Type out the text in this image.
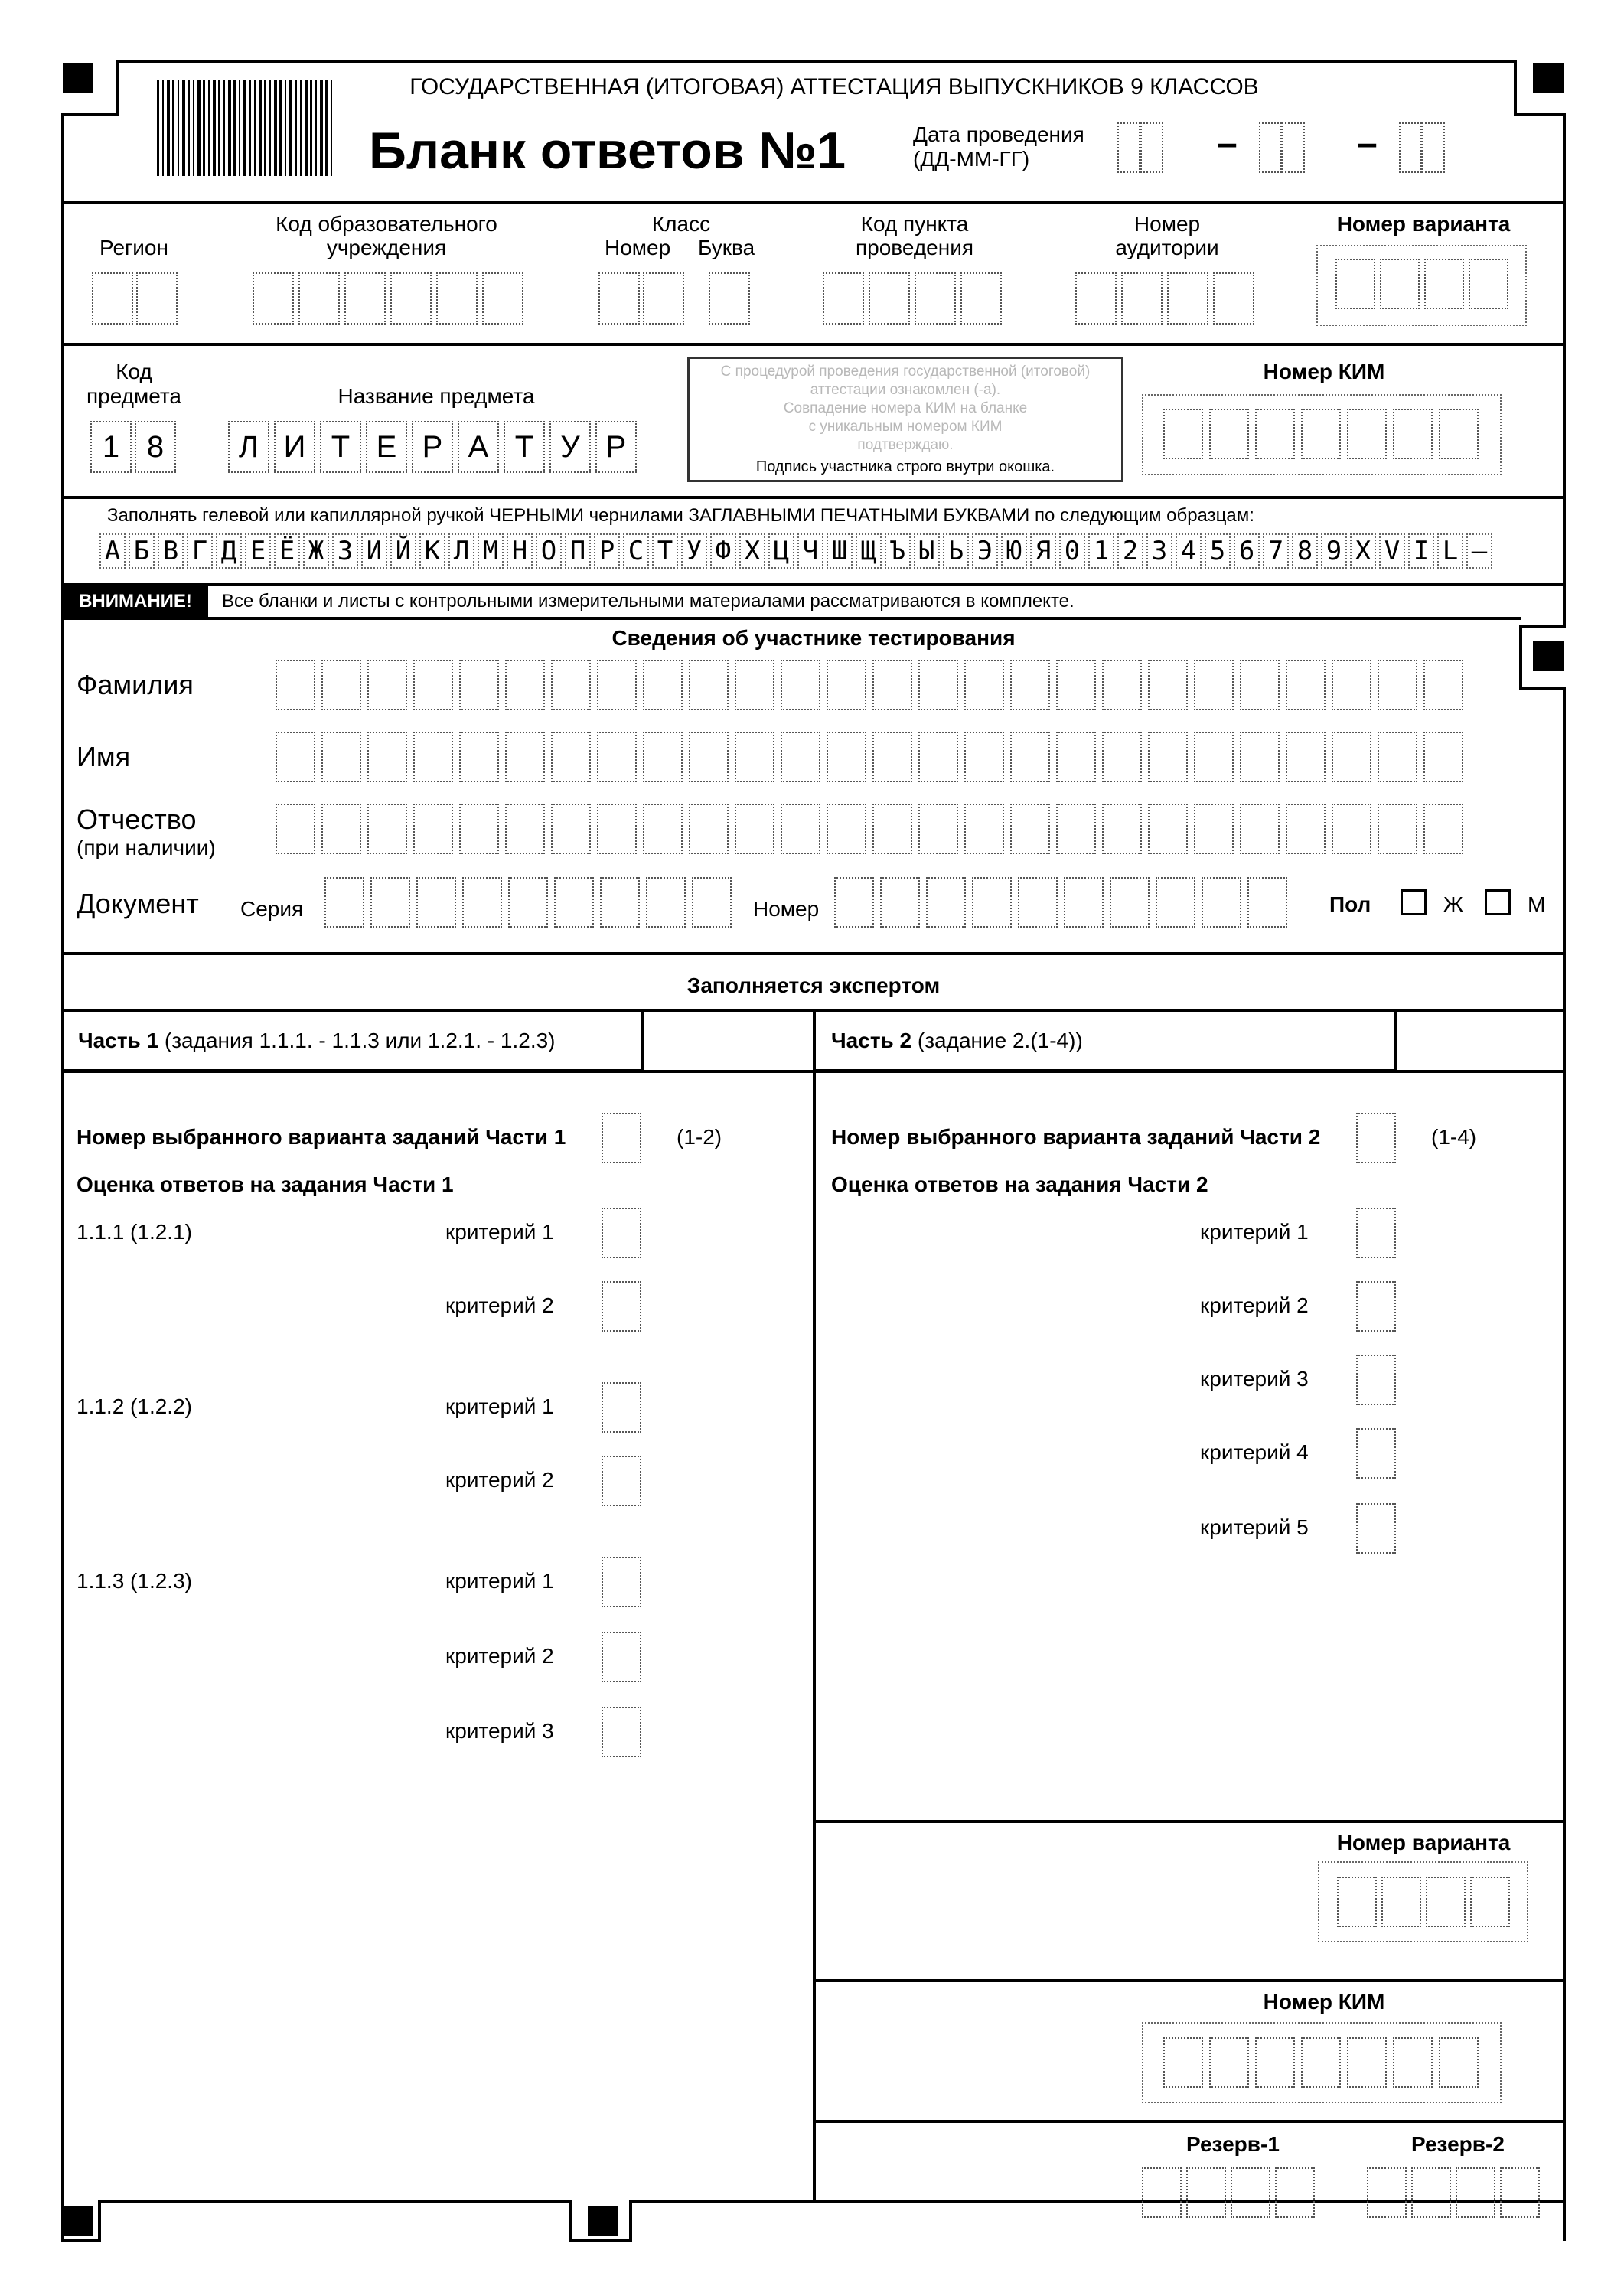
ГОСУДАРСТВЕННАЯ (ИТОГОВАЯ) АТТЕСТАЦИЯ ВЫПУСКНИКОВ 9 КЛАССОВ
Бланк ответов №1	Дата проведения
(ДД-ММ-ГГ)	–	–
Регион
Код образовательного
учреждения
Класс
Номер Буква
Код пункта
проведения
Номер
аудитории
Номер варианта
Код
предмета
1 8
Название предмета
Л И Т Е Р А Т У Р
С процедурой проведения государственной (итоговой)
аттестации ознакомлен (-а).
Совпадение номера КИМ на бланке
с уникальным номером КИМ
подтверждаю.
Подпись участника строго внутри окошка.
Номер КИМ
Заполнять гелевой или капиллярной ручкой ЧЕРНЫМИ чернилами ЗАГЛАВНЫМИ ПЕЧАТНЫМИ БУКВАМИ по следующим образцам:
А Б В Г Д Е Ё Ж З И Й К Л М Н О П Р С Т У Ф Х Ц Ч Ш Щ Ъ Ы Ь Э Ю Я 0 1 2 3 4 5 6 7 8 9 X V I L –
ВНИМАНИЕ!	Все бланки и листы с контрольными измерительными материалами рассматриваются в комплекте.
Сведения об участнике тестирования
Фамилия
Имя
Отчество
(при наличии)
Документ Серия	Номер	Пол	Ж	М
Заполняется экспертом
Часть 1 (задания 1.1.1. - 1.1.3 или 1.2.1. - 1.2.3)	Часть 2 (задание 2.(1-4))
Номер выбранного варианта заданий Части 1	(1-2)
Оценка ответов на задания Части 1
1.1.1 (1.2.1)	критерий 1
критерий 2
1.1.2 (1.2.2)	критерий 1
критерий 2
1.1.3 (1.2.3)	критерий 1
критерий 2
критерий 3
Номер выбранного варианта заданий Части 2	(1-4)
Оценка ответов на задания Части 2
критерий 1
критерий 2
критерий 3
критерий 4
критерий 5
Номер варианта
Номер КИМ
Резерв-1	Резерв-2
